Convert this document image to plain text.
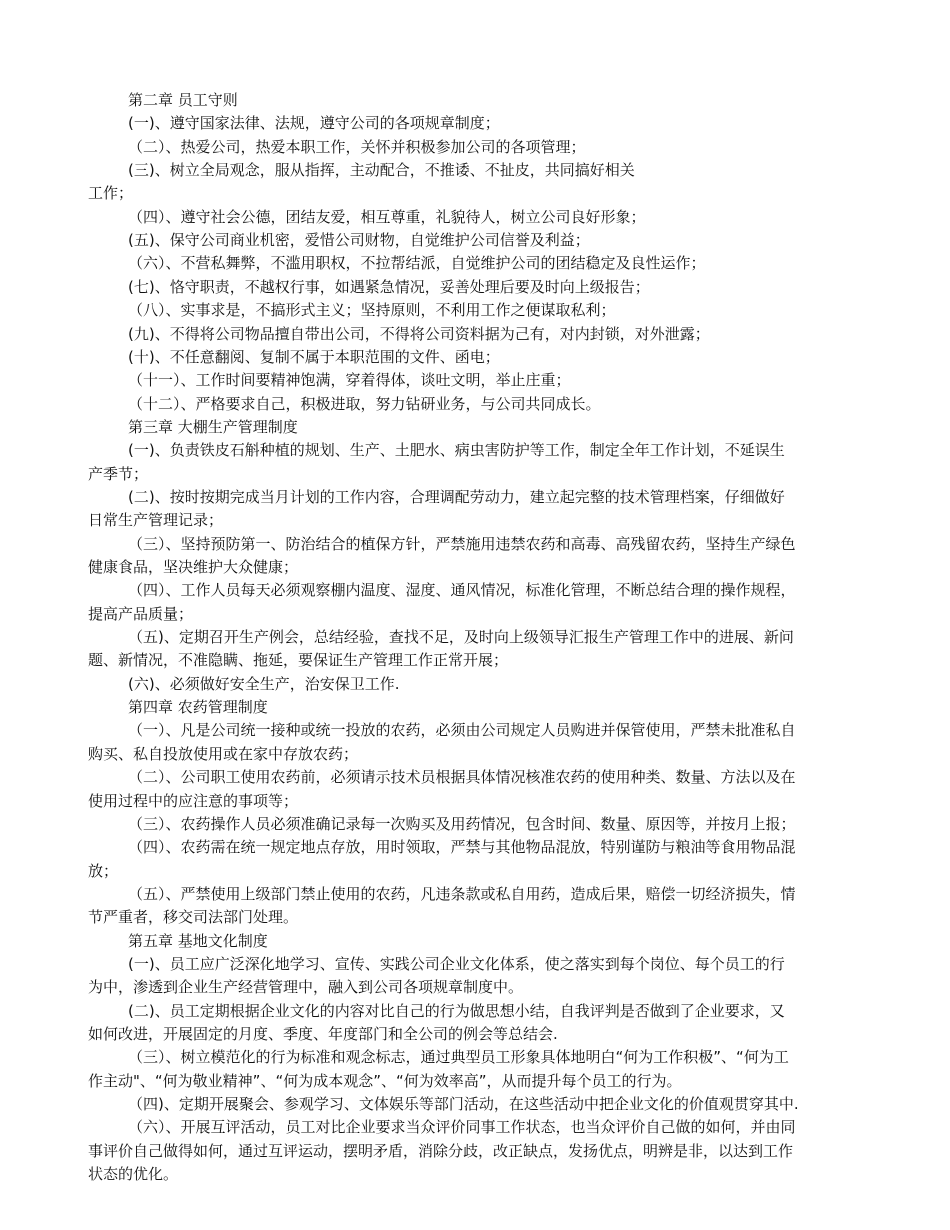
第二章 员工守则
(一)、遵守国家法律、法规，遵守公司的各项规章制度；
（二）、热爱公司，热爱本职工作，关怀并积极参加公司的各项管理；
(三)、树立全局观念，服从指挥，主动配合，不推诿、不扯皮，共同搞好相关
工作；
（四）、遵守社会公德，团结友爱，相互尊重，礼貌待人，树立公司良好形象；
(五)、保守公司商业机密，爱惜公司财物，自觉维护公司信誉及利益；
（六）、不营私舞弊，不滥用职权，不拉帮结派，自觉维护公司的团结稳定及良性运作；
(七)、恪守职责，不越权行事，如遇紧急情况，妥善处理后要及时向上级报告；
（八）、实事求是，不搞形式主义；坚持原则，不利用工作之便谋取私利；
(九)、不得将公司物品擅自带出公司，不得将公司资料据为己有，对内封锁，对外泄露；
(十)、不任意翻阅、复制不属于本职范围的文件、函电；
（十一）、工作时间要精神饱满，穿着得体，谈吐文明，举止庄重；
（十二）、严格要求自己，积极进取，努力钻研业务，与公司共同成长。
第三章 大棚生产管理制度
(一)、负责铁皮石斛种植的规划、生产、土肥水、病虫害防护等工作，制定全年工作计划，不延误生
产季节；
(二)、按时按期完成当月计划的工作内容，合理调配劳动力，建立起完整的技术管理档案，仔细做好
日常生产管理记录；
（三）、坚持预防第一、防治结合的植保方针，严禁施用违禁农药和高毒、高残留农药，坚持生产绿色
健康食品，坚决维护大众健康；
（四）、工作人员每天必须观察棚内温度、湿度、通风情况，标准化管理，不断总结合理的操作规程，
提高产品质量；
（五)、定期召开生产例会，总结经验，查找不足，及时向上级领导汇报生产管理工作中的进展、新问
题、新情况，不准隐瞒、拖延，要保证生产管理工作正常开展；
(六)、必须做好安全生产，治安保卫工作.
第四章 农药管理制度
（一）、凡是公司统一接种或统一投放的农药，必须由公司规定人员购进并保管使用，严禁未批准私自
购买、私自投放使用或在家中存放农药；
（二）、公司职工使用农药前，必须请示技术员根据具体情况核准农药的使用种类、数量、方法以及在
使用过程中的应注意的事项等；
（三）、农药操作人员必须准确记录每一次购买及用药情况，包含时间、数量、原因等，并按月上报；
（四）、农药需在统一规定地点存放，用时领取，严禁与其他物品混放，特别谨防与粮油等食用物品混
放；
（五）、严禁使用上级部门禁止使用的农药，凡违条款或私自用药，造成后果，赔偿一切经济损失，情
节严重者，移交司法部门处理。
第五章 基地文化制度
(一)、员工应广泛深化地学习、宣传、实践公司企业文化体系，使之落实到每个岗位、每个员工的行
为中，渗透到企业生产经营管理中，融入到公司各项规章制度中。
(二)、员工定期根据企业文化的内容对比自己的行为做思想小结，自我评判是否做到了企业要求，又
如何改进，开展固定的月度、季度、年度部门和全公司的例会等总结会.
（三）、树立模范化的行为标准和观念标志，通过典型员工形象具体地明白“何为工作积极”、“何为工
作主动"、“何为敬业精神”、“何为成本观念”、“何为效率高”，从而提升每个员工的行为。
（四)、定期开展聚会、参观学习、文体娱乐等部门活动，在这些活动中把企业文化的价值观贯穿其中.
（六）、开展互评活动，员工对比企业要求当众评价同事工作状态，也当众评价自己做的如何，并由同
事评价自己做得如何，通过互评运动，摆明矛盾，消除分歧，改正缺点，发扬优点，明辨是非，以达到工作
状态的优化。
